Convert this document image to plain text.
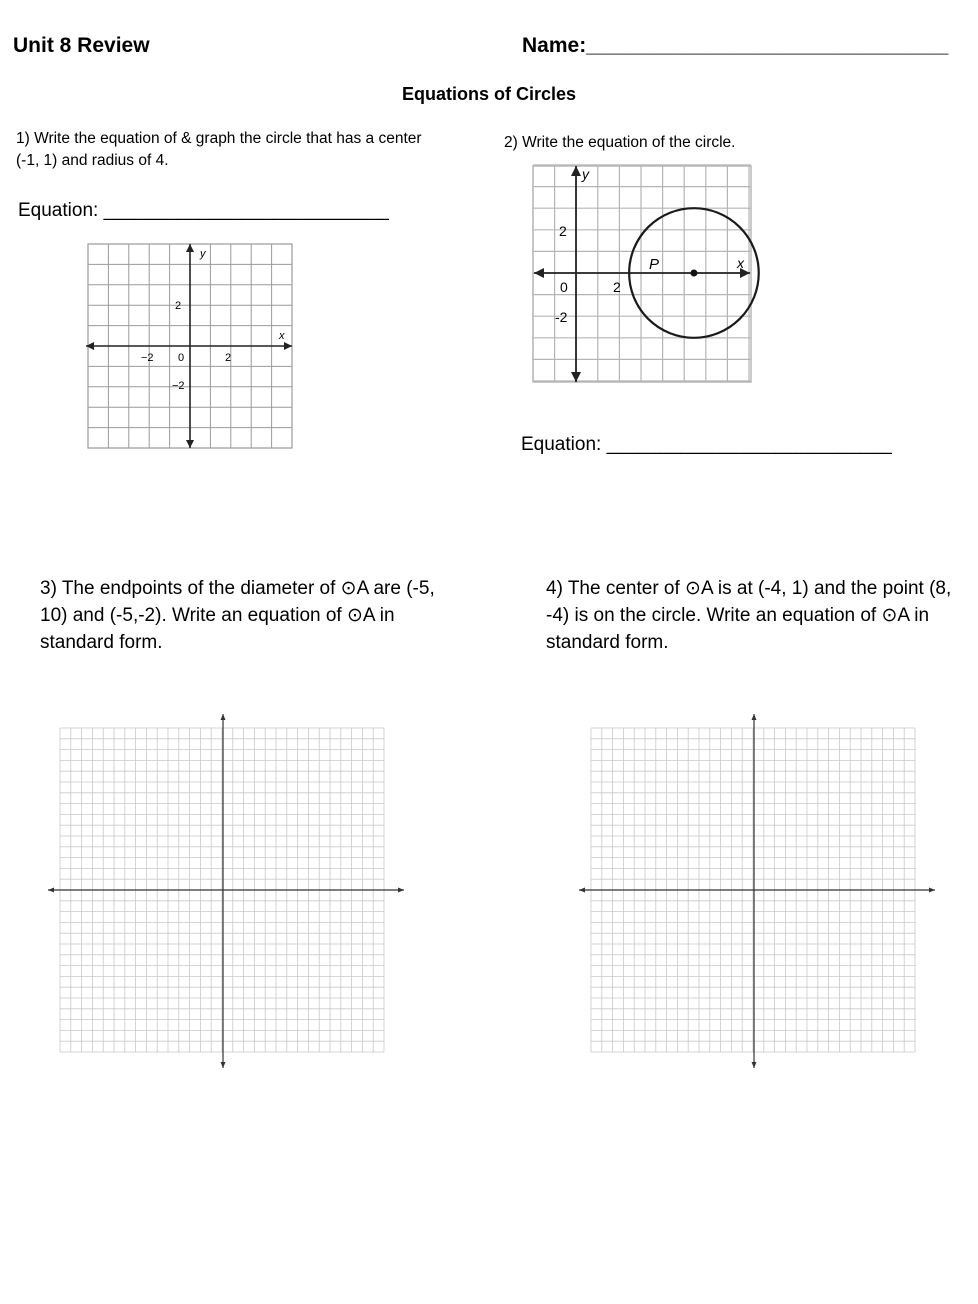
Unit 8 Review	Name:_______________________________
Equations of Circles
1) Write the equation of & graph the circle that has a center (-1, 1) and radius of 4.
Equation: ___________________________
y
x
−2 0	2
2
−2
2) Write the equation of the circle.
P
y
x
0	2
2
-2
Equation: ___________________________
3) The endpoints of the diameter of ⊙A are (-5, 10) and (-5,-2). Write an equation of ⊙A in standard form.
4) The center of ⊙A is at (-4, 1) and the point (8, -4) is on the circle. Write an equation of ⊙A in standard form.
